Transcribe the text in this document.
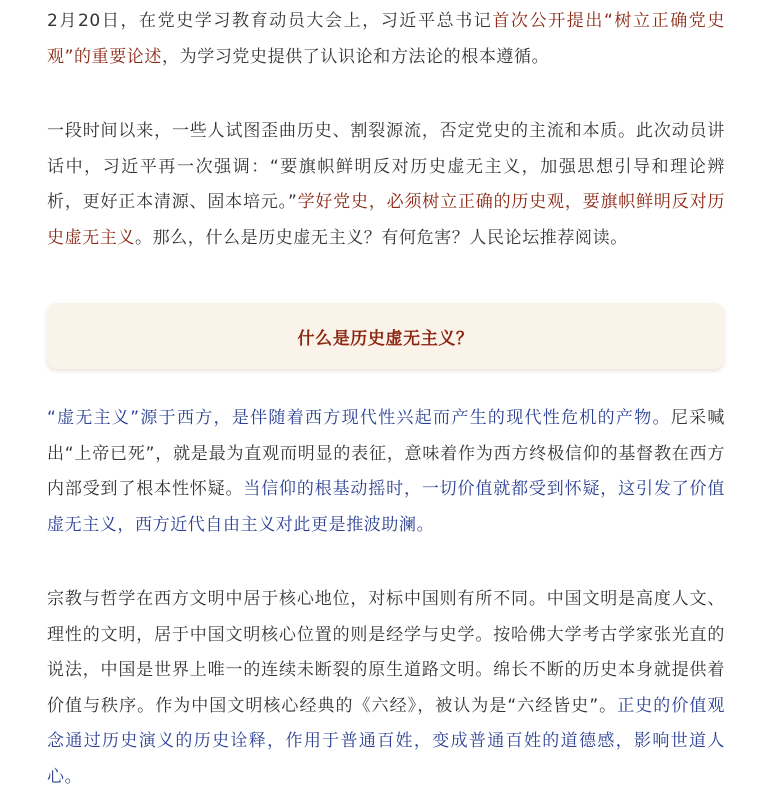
2月20日，在党史学习教育动员大会上，习近平总书记首次公开提出“树立正确党史观”的重要论述，为学习党史提供了认识论和方法论的根本遵循。

一段时间以来，一些人试图歪曲历史、割裂源流，否定党史的主流和本质。此次动员讲话中，习近平再一次强调：“要旗帜鲜明反对历史虚无主义，加强思想引导和理论辨析，更好正本清源、固本培元。”学好党史，必须树立正确的历史观，要旗帜鲜明反对历史虚无主义。那么，什么是历史虚无主义？有何危害？人民论坛推荐阅读。

什么是历史虚无主义？

“虚无主义”源于西方，是伴随着西方现代性兴起而产生的现代性危机的产物。尼采喊出“上帝已死”，就是最为直观而明显的表征，意味着作为西方终极信仰的基督教在西方内部受到了根本性怀疑。当信仰的根基动摇时，一切价值就都受到怀疑，这引发了价值虚无主义，西方近代自由主义对此更是推波助澜。

宗教与哲学在西方文明中居于核心地位，对标中国则有所不同。中国文明是高度人文、理性的文明，居于中国文明核心位置的则是经学与史学。按哈佛大学考古学家张光直的说法，中国是世界上唯一的连续未断裂的原生道路文明。绵长不断的历史本身就提供着价值与秩序。作为中国文明核心经典的《六经》，被认为是“六经皆史”。正史的价值观念通过历史演义的历史诠释，作用于普通百姓，变成普通百姓的道德感，影响世道人心。
